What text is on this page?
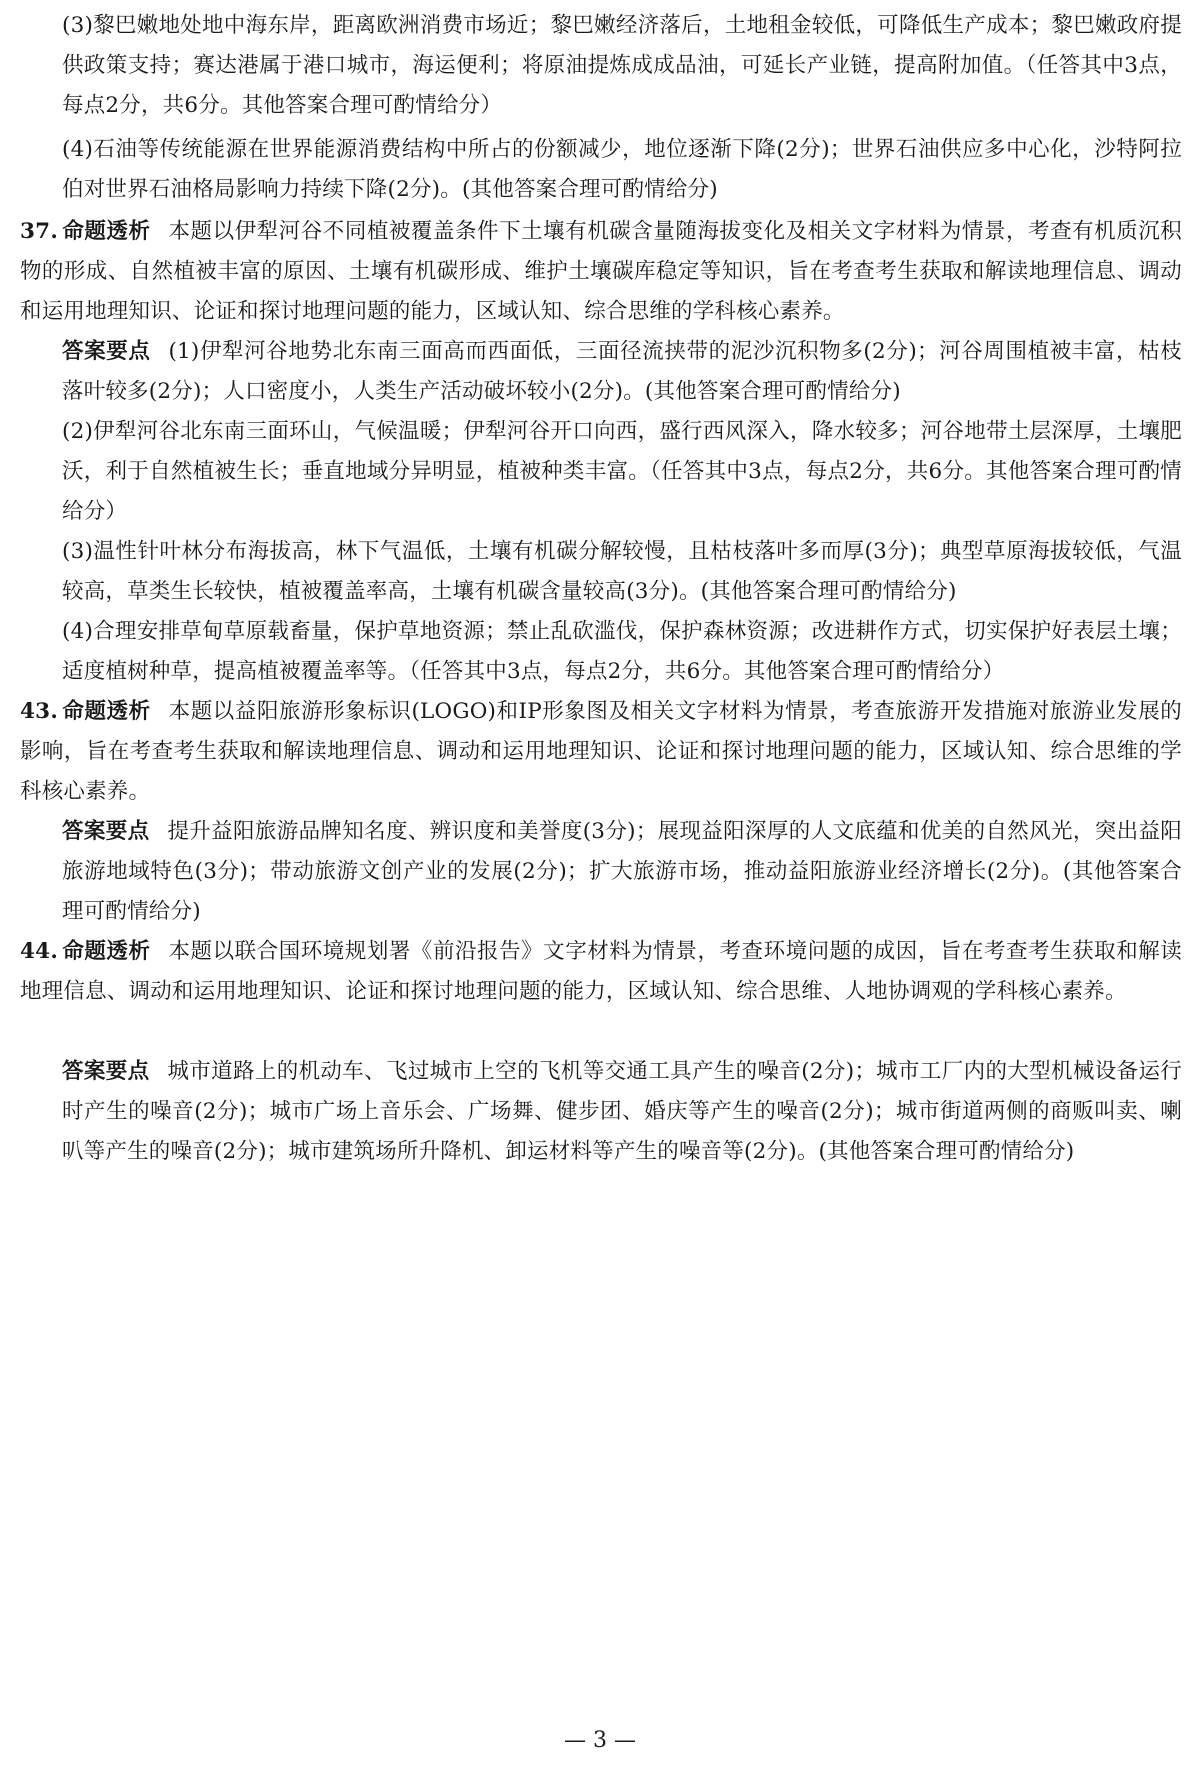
(3)黎巴嫩地处地中海东岸，距离欧洲消费市场近；黎巴嫩经济落后，土地租金较低，可降低生产成本；黎巴嫩政府提供政策支持；赛达港属于港口城市，海运便利；将原油提炼成成品油，可延长产业链，提高附加值。（任答其中3点，每点2分，共6分。其他答案合理可酌情给分）
(4)石油等传统能源在世界能源消费结构中所占的份额减少，地位逐渐下降(2分)；世界石油供应多中心化，沙特阿拉伯对世界石油格局影响力持续下降(2分)。(其他答案合理可酌情给分)
37. 命题透析 本题以伊犁河谷不同植被覆盖条件下土壤有机碳含量随海拔变化及相关文字材料为情景，考查有机质沉积物的形成、自然植被丰富的原因、土壤有机碳形成、维护土壤碳库稳定等知识，旨在考查考生获取和解读地理信息、调动和运用地理知识、论证和探讨地理问题的能力，区域认知、综合思维的学科核心素养。
答案要点 (1)伊犁河谷地势北东南三面高而西面低，三面径流挟带的泥沙沉积物多(2分)；河谷周围植被丰富，枯枝落叶较多(2分)；人口密度小，人类生产活动破坏较小(2分)。(其他答案合理可酌情给分)
(2)伊犁河谷北东南三面环山，气候温暖；伊犁河谷开口向西，盛行西风深入，降水较多；河谷地带土层深厚，土壤肥沃，利于自然植被生长；垂直地域分异明显，植被种类丰富。（任答其中3点，每点2分，共6分。其他答案合理可酌情给分）
(3)温性针叶林分布海拔高，林下气温低，土壤有机碳分解较慢，且枯枝落叶多而厚(3分)；典型草原海拔较低，气温较高，草类生长较快，植被覆盖率高，土壤有机碳含量较高(3分)。(其他答案合理可酌情给分)
(4)合理安排草甸草原载畜量，保护草地资源；禁止乱砍滥伐，保护森林资源；改进耕作方式，切实保护好表层土壤；适度植树种草，提高植被覆盖率等。（任答其中3点，每点2分，共6分。其他答案合理可酌情给分）
43. 命题透析 本题以益阳旅游形象标识(LOGO)和IP形象图及相关文字材料为情景，考查旅游开发措施对旅游业发展的影响，旨在考查考生获取和解读地理信息、调动和运用地理知识、论证和探讨地理问题的能力，区域认知、综合思维的学科核心素养。
答案要点 提升益阳旅游品牌知名度、辨识度和美誉度(3分)；展现益阳深厚的人文底蕴和优美的自然风光，突出益阳旅游地域特色(3分)；带动旅游文创产业的发展(2分)；扩大旅游市场，推动益阳旅游业经济增长(2分)。(其他答案合理可酌情给分)
44. 命题透析 本题以联合国环境规划署《前沿报告》文字材料为情景，考查环境问题的成因，旨在考查考生获取和解读地理信息、调动和运用地理知识、论证和探讨地理问题的能力，区域认知、综合思维、人地协调观的学科核心素养。
答案要点 城市道路上的机动车、飞过城市上空的飞机等交通工具产生的噪音(2分)；城市工厂内的大型机械设备运行时产生的噪音(2分)；城市广场上音乐会、广场舞、健步团、婚庆等产生的噪音(2分)；城市街道两侧的商贩叫卖、喇叭等产生的噪音(2分)；城市建筑场所升降机、卸运材料等产生的噪音等(2分)。(其他答案合理可酌情给分)
— 3 —
